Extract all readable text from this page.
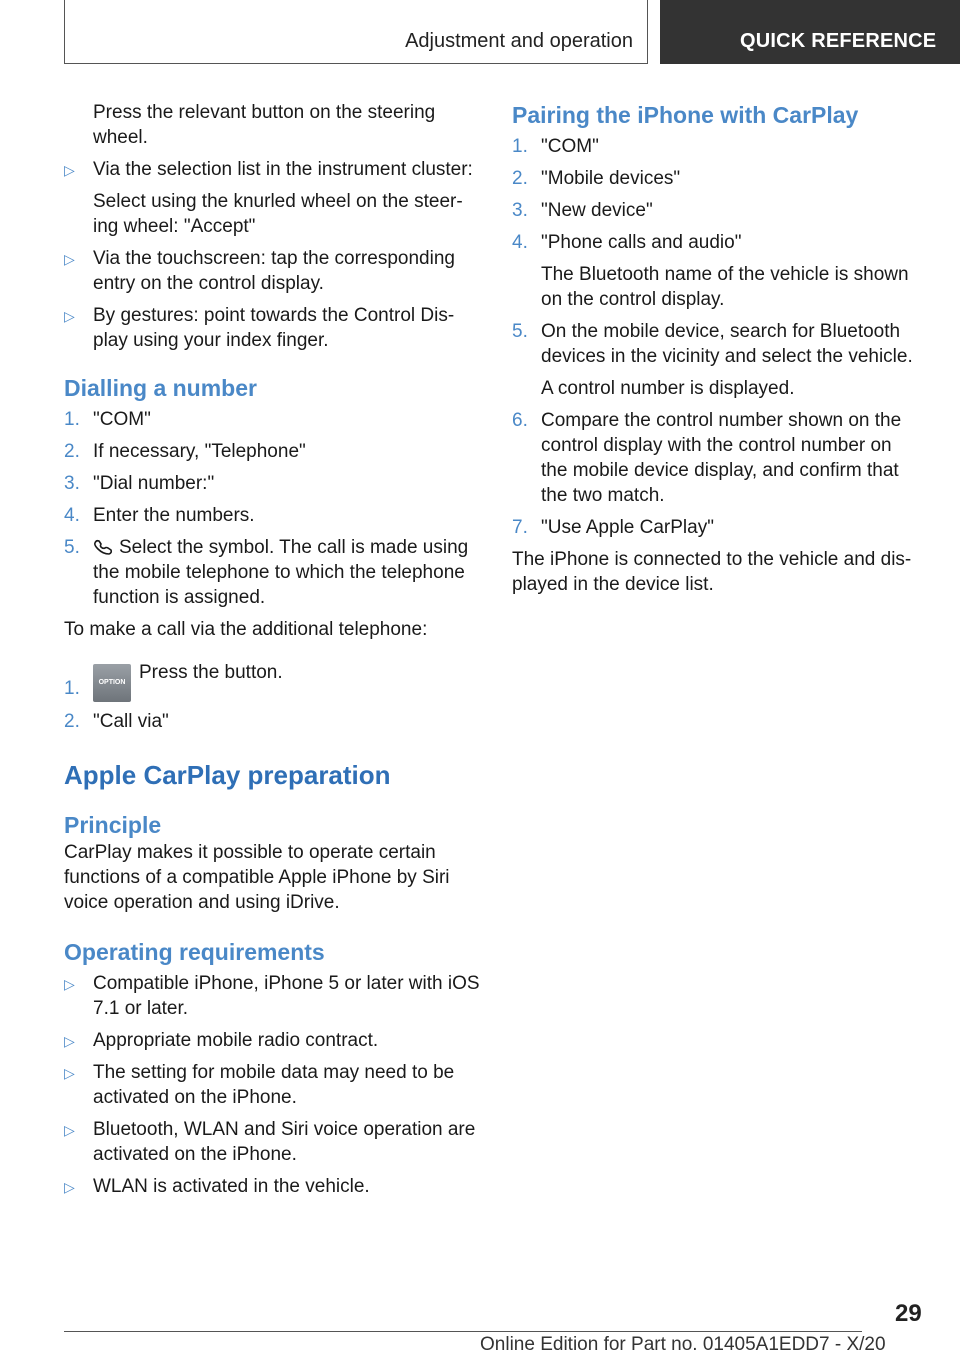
Adjustment and operation	QUICK REFERENCE

Press the relevant button on the steering wheel.

▷ Via the selection list in the instrument cluster:

Select using the knurled wheel on the steer‐ing wheel: "Accept"

▷ Via the touchscreen: tap the corresponding entry on the control display.
▷ By gestures: point towards the Control Dis‐play using your index finger.
Dialling a number
1. "COM"
2. If necessary, "Telephone"
3. "Dial number:"
4. Enter the numbers.
5. Select the symbol. The call is made using the mobile telephone to which the telephone function is assigned.

To make a call via the additional telephone:

1.	OPTION Press the button.
2. "Call via"
Apple CarPlay preparation
Principle

CarPlay makes it possible to operate certain functions of a compatible Apple iPhone by Siri voice operation and using iDrive.

Operating requirements
▷ Compatible iPhone, iPhone 5 or later with iOS 7.1 or later.
▷ Appropriate mobile radio contract.
▷ The setting for mobile data may need to be activated on the iPhone.
▷ Bluetooth, WLAN and Siri voice operation are activated on the iPhone.
▷ WLAN is activated in the vehicle.
Pairing the iPhone with CarPlay
1. "COM"
2. "Mobile devices"
3. "New device"
4. "Phone calls and audio"

The Bluetooth name of the vehicle is shown on the control display.

5. On the mobile device, search for Bluetooth devices in the vicinity and select the vehicle.

A control number is displayed.

6. Compare the control number shown on the control display with the control number on the mobile device display, and confirm that the two match.
7. "Use Apple CarPlay"

The iPhone is connected to the vehicle and dis‐played in the device list.

29
Online Edition for Part no. 01405A1EDD7 - X/20
